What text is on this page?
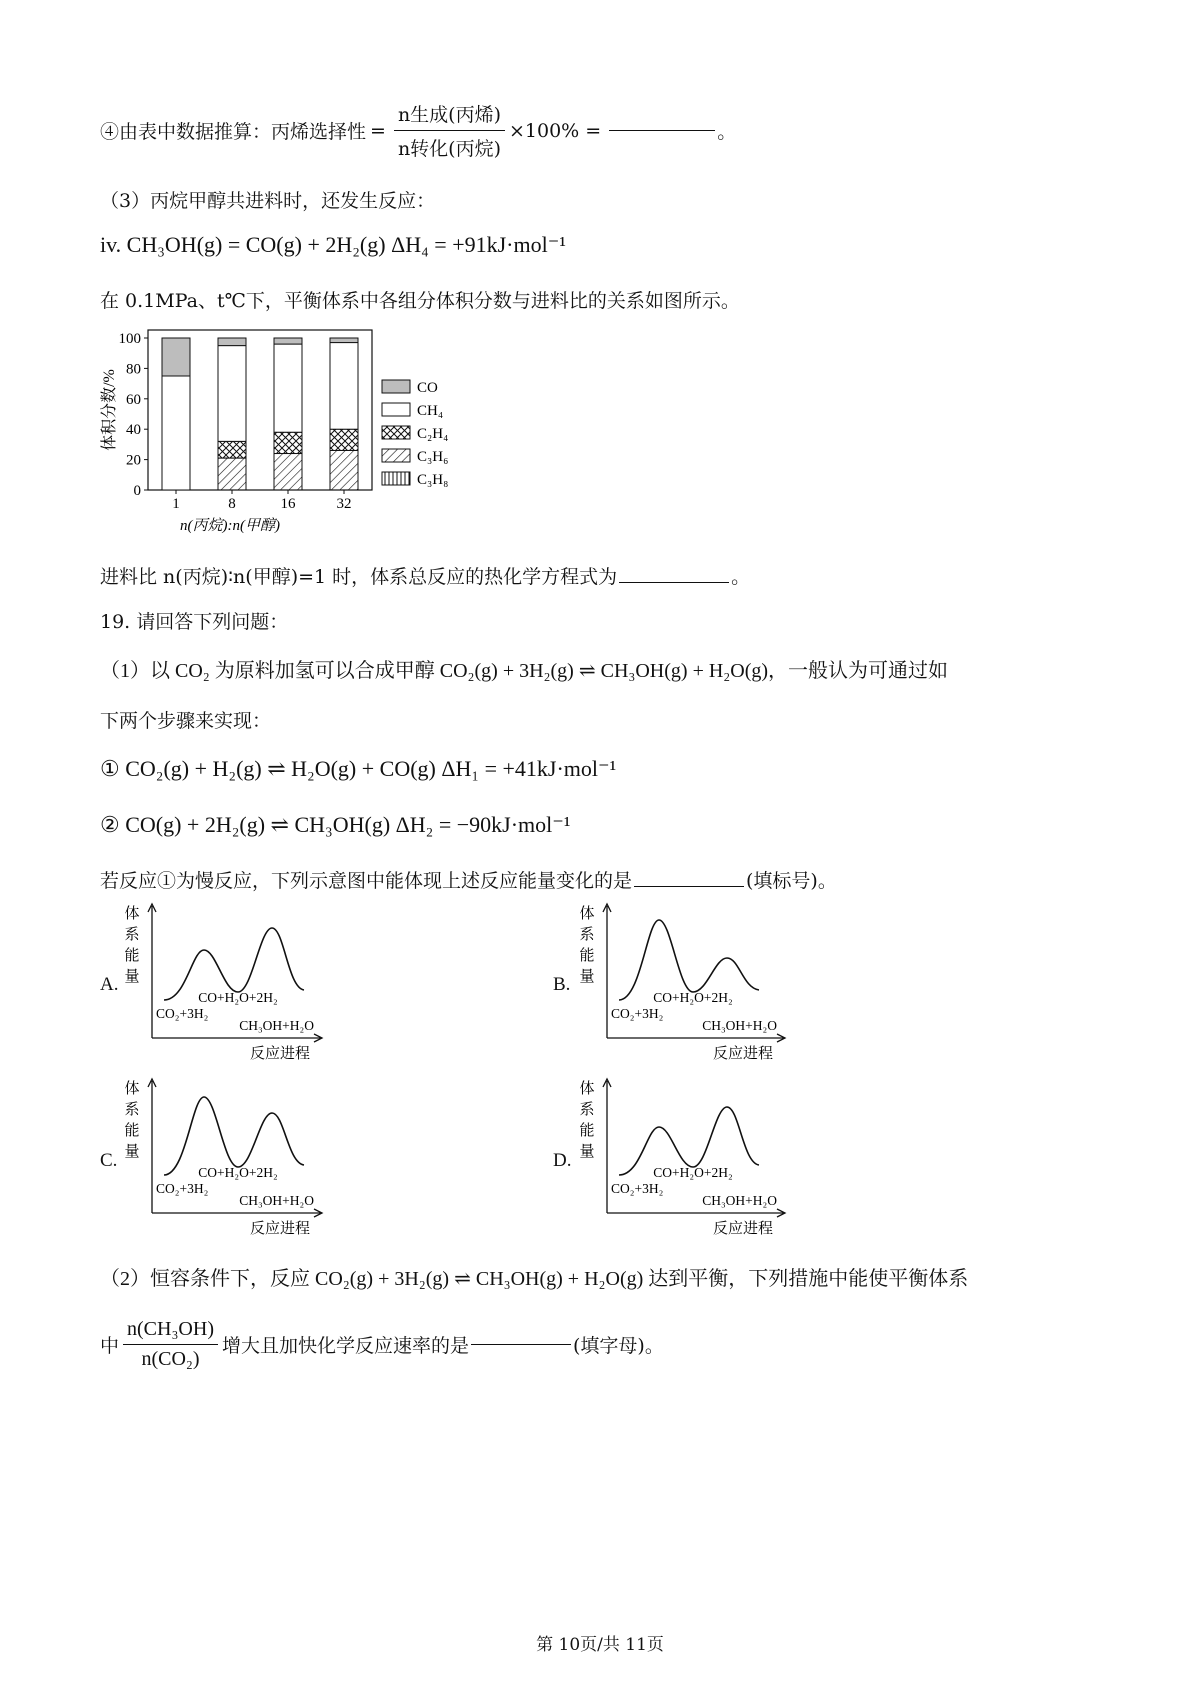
④由表中数据推算：丙烯选择性 = $\frac{\text{n生成(丙烯)}}{\text{n转化(丙烷)}} \times 100\%$ =	。
（3）丙烷甲醇共进料时，还发生反应：
iv. CH₃OH(g) = CO(g) + 2H₂(g) ΔH₄ = +91kJ·mol⁻¹
在 0.1MPa、t℃下，平衡体系中各组分体积分数与进料比的关系如图所示。
0
20
40
60
80
100
体积分数/%
1	8	16	32
n(丙烷):n(甲醇)
CO
CH₄
C₂H₄
C₃H₆
C₃H₈
进料比 n(丙烷)∶n(甲醇)=1 时，体系总反应的热化学方程式为	。
19. 请回答下列问题：
（1）以 CO₂ 为原料加氢可以合成甲醇 CO₂(g) + 3H₂(g) ⇌ CH₃OH(g) + H₂O(g)，一般认为可通过如
下两个步骤来实现：
① CO₂(g) + H₂(g) ⇌ H₂O(g) + CO(g) ΔH₁ = +41kJ·mol⁻¹
② CO(g) + 2H₂(g) ⇌ CH₃OH(g) ΔH₂ = −90kJ·mol⁻¹
若反应①为慢反应，下列示意图中能体现上述反应能量变化的是	(填标号)。
A.
体
系
能
量
反应进程
CO+H₂O+2H₂
CO₂+3H₂
CH₃OH+H₂O
B.
体
系
能
量
反应进程
CO+H₂O+2H₂
CO₂+3H₂
CH₃OH+H₂O
C.
体
系
能
量
反应进程
CO+H₂O+2H₂
CO₂+3H₂
CH₃OH+H₂O
D.
体
系
能
量
反应进程
CO+H₂O+2H₂
CO₂+3H₂
CH₃OH+H₂O
（2）恒容条件下，反应 CO₂(g) + 3H₂(g) ⇌ CH₃OH(g) + H₂O(g) 达到平衡，下列措施中能使平衡体系
中 $\frac{\text{n(CH₃OH)}}{\text{n(CO₂)}}$ 增大且加快化学反应速率的是	(填字母)。
第 10页/共 11页
